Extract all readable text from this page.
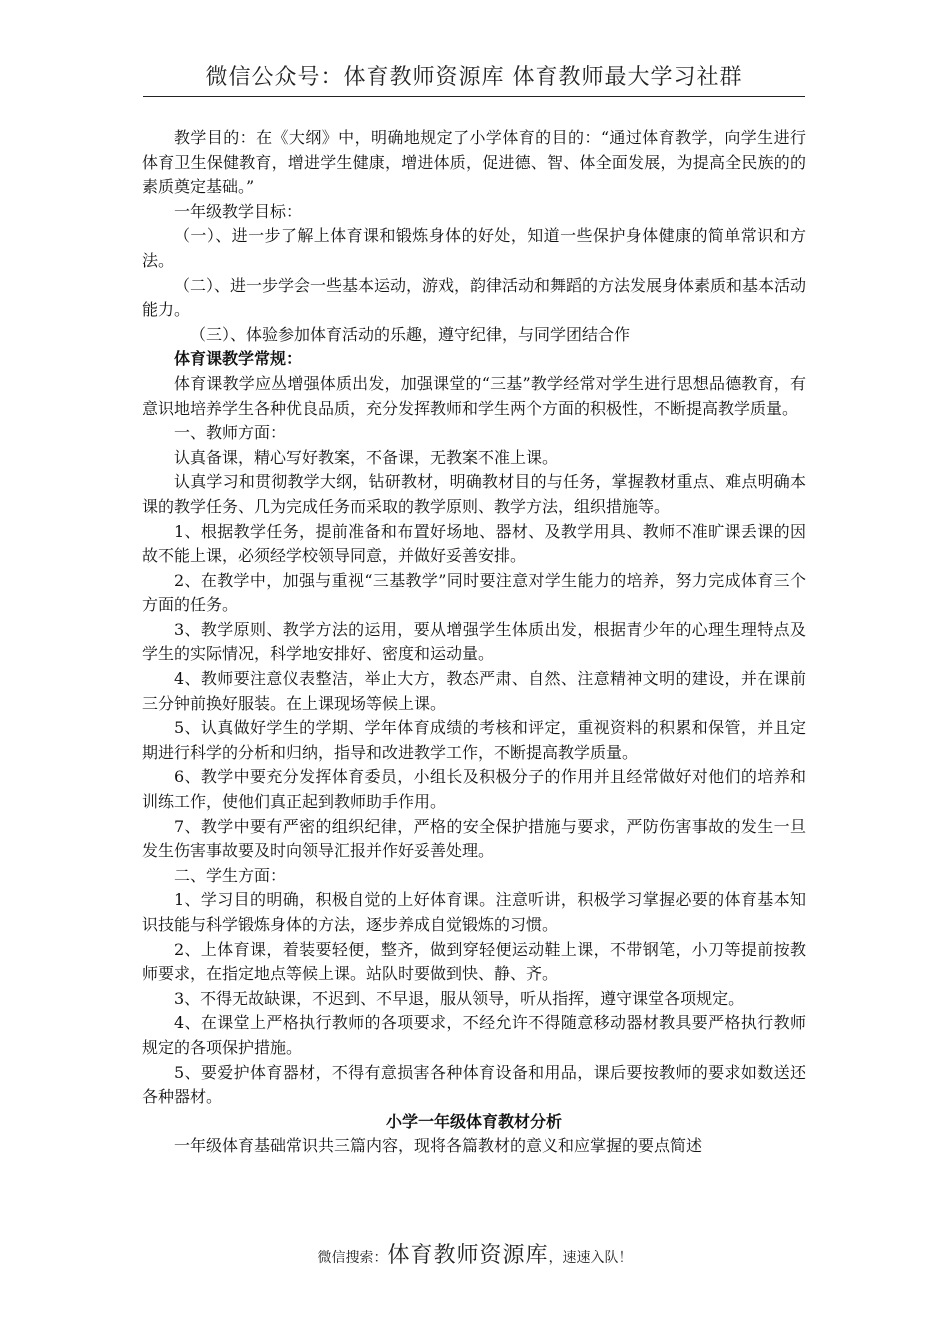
微信公众号：体育教师资源库 体育教师最大学习社群

教学目的：在《大纲》中，明确地规定了小学体育的目的：“通过体育教学，向学生进行体育卫生保健教育，增进学生健康，增进体质，促进德、智、体全面发展，为提高全民族的的素质奠定基础。”

一年级教学目标：

（一）、进一步了解上体育课和锻炼身体的好处，知道一些保护身体健康的简单常识和方法。

（二）、进一步学会一些基本运动，游戏，韵律活动和舞蹈的方法发展身体素质和基本活动能力。

（三）、体验参加体育活动的乐趣，遵守纪律，与同学团结合作

体育课教学常规：

体育课教学应丛增强体质出发，加强课堂的“三基”教学经常对学生进行思想品德教育，有意识地培养学生各种优良品质，充分发挥教师和学生两个方面的积极性，不断提高教学质量。

一、教师方面：

认真备课，精心写好教案，不备课，无教案不准上课。

认真学习和贯彻教学大纲，钻研教材，明确教材目的与任务，掌握教材重点、难点明确本课的教学任务、几为完成任务而采取的教学原则、教学方法，组织措施等。

1、根据教学任务，提前准备和布置好场地、器材、及教学用具、教师不准旷课丢课的因故不能上课，必须经学校领导同意，并做好妥善安排。

2、在教学中，加强与重视“三基教学”同时要注意对学生能力的培养，努力完成体育三个方面的任务。

3、教学原则、教学方法的运用，要从增强学生体质出发，根据青少年的心理生理特点及学生的实际情况，科学地安排好、密度和运动量。

4、教师要注意仪表整洁，举止大方，教态严肃、自然、注意精神文明的建设，并在课前三分钟前换好服装。在上课现场等候上课。

5、认真做好学生的学期、学年体育成绩的考核和评定，重视资料的积累和保管，并且定期进行科学的分析和归纳，指导和改进教学工作，不断提高教学质量。

6、教学中要充分发挥体育委员，小组长及积极分子的作用并且经常做好对他们的培养和训练工作，使他们真正起到教师助手作用。

7、教学中要有严密的组织纪律，严格的安全保护措施与要求，严防伤害事故的发生一旦发生伤害事故要及时向领导汇报并作好妥善处理。

二、学生方面：

1、学习目的明确，积极自觉的上好体育课。注意听讲，积极学习掌握必要的体育基本知识技能与科学锻炼身体的方法，逐步养成自觉锻炼的习惯。

2、上体育课，着装要轻便，整齐，做到穿轻便运动鞋上课，不带钢笔，小刀等提前按教师要求，在指定地点等候上课。站队时要做到快、静、齐。

3、不得无故缺课，不迟到、不早退，服从领导，听从指挥，遵守课堂各项规定。

4、在课堂上严格执行教师的各项要求，不经允许不得随意移动器材教具要严格执行教师规定的各项保护措施。

5、要爱护体育器材，不得有意损害各种体育设备和用品，课后要按教师的要求如数送还各种器材。

小学一年级体育教材分析

一年级体育基础常识共三篇内容，现将各篇教材的意义和应掌握的要点简述

微信搜索：体育教师资源库，速速入队！
